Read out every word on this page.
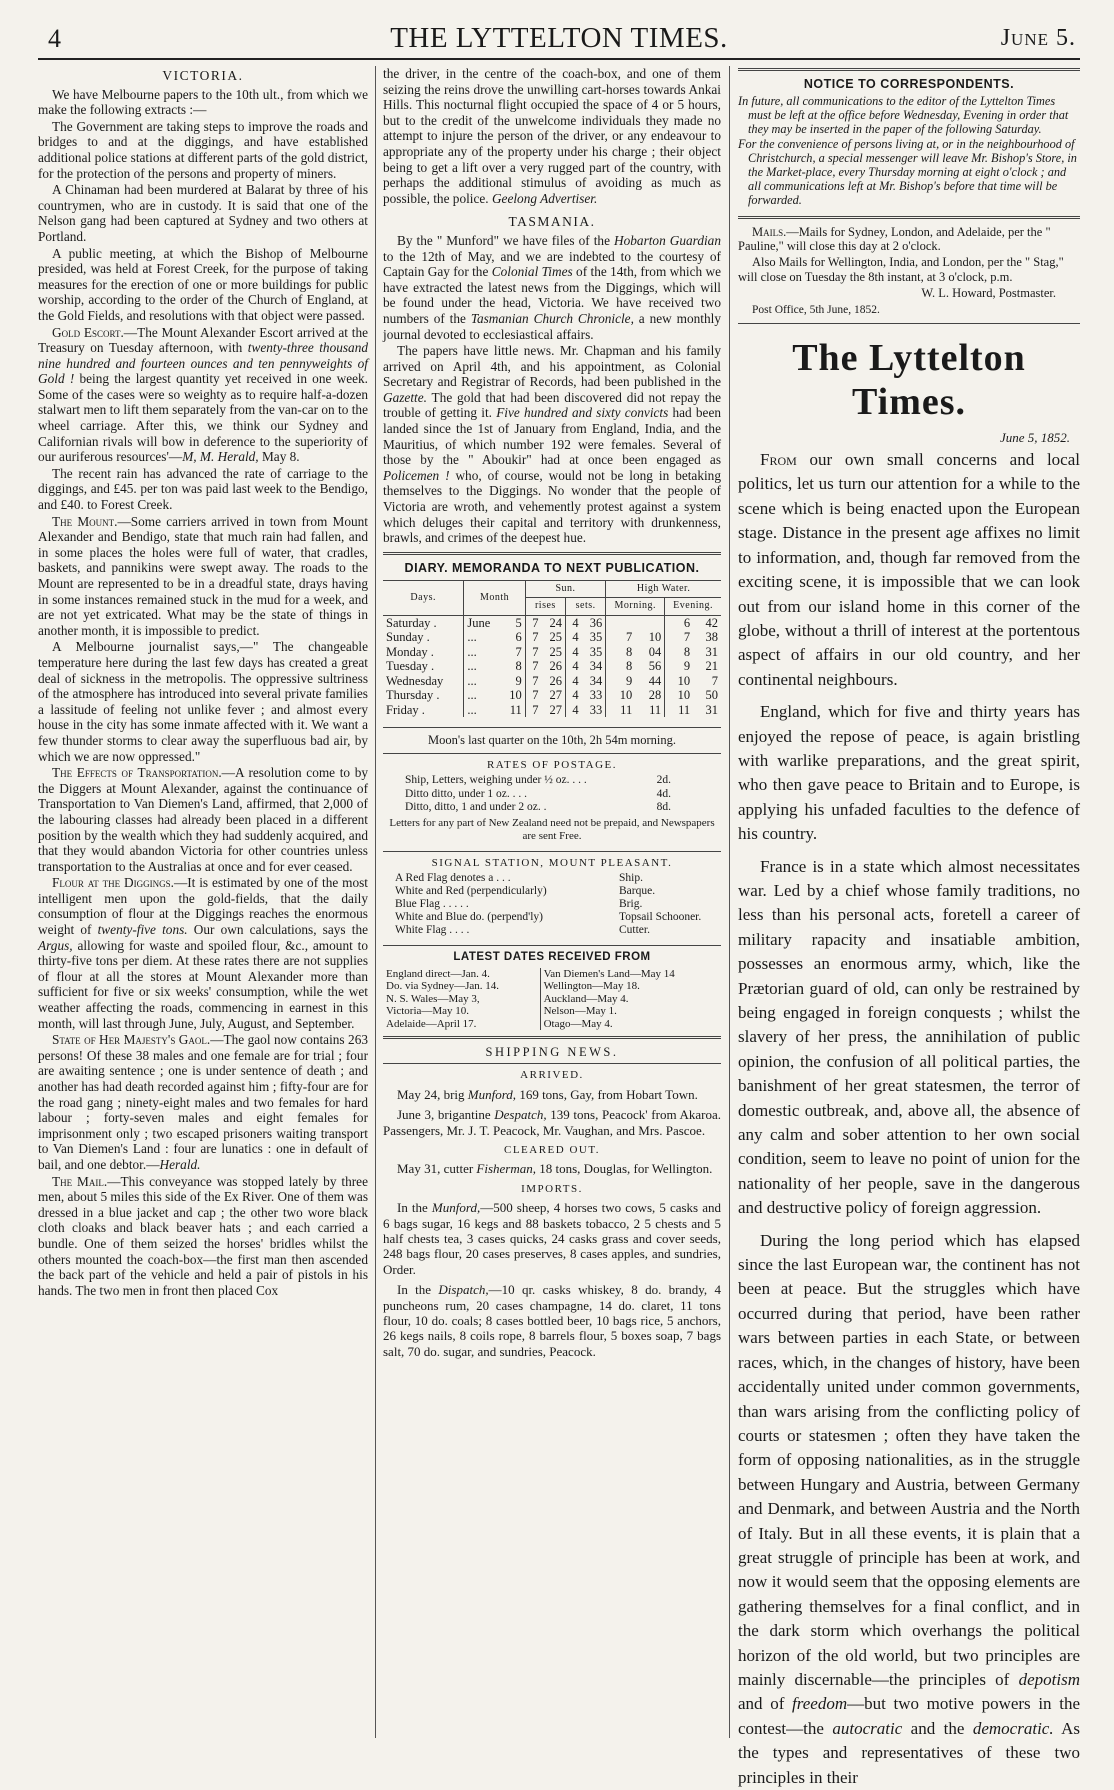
4	THE LYTTELTON TIMES.	June 5.
VICTORIA.

We have Melbourne papers to the 10th ult., from which we make the following extracts :—

The Government are taking steps to improve the roads and bridges to and at the diggings, and have established additional police stations at different parts of the gold district, for the protection of the persons and property of miners.

A Chinaman had been murdered at Balarat by three of his countrymen, who are in custody. It is said that one of the Nelson gang had been captured at Sydney and two others at Portland.

A public meeting, at which the Bishop of Melbourne presided, was held at Forest Creek, for the purpose of taking measures for the erection of one or more buildings for public worship, according to the order of the Church of England, at the Gold Fields, and resolutions with that object were passed.

Gold Escort.—The Mount Alexander Escort arrived at the Treasury on Tuesday afternoon, with twenty-three thousand nine hundred and fourteen ounces and ten pennyweights of Gold ! being the largest quantity yet received in one week. Some of the cases were so weighty as to require half-a-dozen stalwart men to lift them separately from the van-car on to the wheel carriage. After this, we think our Sydney and Californian rivals will bow in deference to the superiority of our auriferous resources'—M, M. Herald, May 8.

The recent rain has advanced the rate of carriage to the diggings, and £45. per ton was paid last week to the Bendigo, and £40. to Forest Creek.

The Mount.—Some carriers arrived in town from Mount Alexander and Bendigo, state that much rain had fallen, and in some places the holes were full of water, that cradles, baskets, and pannikins were swept away. The roads to the Mount are represented to be in a dreadful state, drays having in some instances remained stuck in the mud for a week, and are not yet extricated. What may be the state of things in another month, it is impossible to predict.

A Melbourne journalist says,—" The changeable temperature here during the last few days has created a great deal of sickness in the metropolis. The oppressive sultriness of the atmosphere has introduced into several private families a lassitude of feeling not unlike fever ; and almost every house in the city has some inmate affected with it. We want a few thunder storms to clear away the superfluous bad air, by which we are now oppressed."

The Effects of Transportation.—A resolution come to by the Diggers at Mount Alexander, against the continuance of Transportation to Van Diemen's Land, affirmed, that 2,000 of the labouring classes had already been placed in a different position by the wealth which they had suddenly acquired, and that they would abandon Victoria for other countries unless transportation to the Australias at once and for ever ceased.

Flour at the Diggings.—It is estimated by one of the most intelligent men upon the gold-fields, that the daily consumption of flour at the Diggings reaches the enormous weight of twenty-five tons. Our own calculations, says the Argus, allowing for waste and spoiled flour, &c., amount to thirty-five tons per diem. At these rates there are not supplies of flour at all the stores at Mount Alexander more than sufficient for five or six weeks' consumption, while the wet weather affecting the roads, commencing in earnest in this month, will last through June, July, August, and September.

State of Her Majesty's Gaol.—The gaol now contains 263 persons! Of these 38 males and one female are for trial ; four are awaiting sentence ; one is under sentence of death ; and another has had death recorded against him ; fifty-four are for the road gang ; ninety-eight males and two females for hard labour ; forty-seven males and eight females for imprisonment only ; two escaped prisoners waiting transport to Van Diemen's Land : four are lunatics : one in default of bail, and one debtor.—Herald.

The Mail.—This conveyance was stopped lately by three men, about 5 miles this side of the Ex River. One of them was dressed in a blue jacket and cap ; the other two wore black cloth cloaks and black beaver hats ; and each carried a bundle. One of them seized the horses' bridles whilst the others mounted the coach-box—the first man then ascended the back part of the vehicle and held a pair of pistols in his hands. The two men in front then placed Cox

the driver, in the centre of the coach-box, and one of them seizing the reins drove the unwilling cart-horses towards Ankai Hills. This nocturnal flight occupied the space of 4 or 5 hours, but to the credit of the unwelcome individuals they made no attempt to injure the person of the driver, or any endeavour to appropriate any of the property under his charge ; their object being to get a lift over a very rugged part of the country, with perhaps the additional stimulus of avoiding as much as possible, the police. Geelong Advertiser.

TASMANIA.

By the " Munford" we have files of the Hobarton Guardian to the 12th of May, and we are indebted to the courtesy of Captain Gay for the Colonial Times of the 14th, from which we have extracted the latest news from the Diggings, which will be found under the head, Victoria. We have received two numbers of the Tasmanian Church Chronicle, a new monthly journal devoted to ecclesiastical affairs.

The papers have little news. Mr. Chapman and his family arrived on April 4th, and his appointment, as Colonial Secretary and Registrar of Records, had been published in the Gazette. The gold that had been discovered did not repay the trouble of getting it. Five hundred and sixty convicts had been landed since the 1st of January from England, India, and the Mauritius, of which number 192 were females. Several of those by the " Aboukir" had at once been engaged as Policemen ! who, of course, would not be long in betaking themselves to the Diggings. No wonder that the people of Victoria are wroth, and vehemently protest against a system which deluges their capital and territory with drunkenness, brawls, and crimes of the deepest hue.

DIARY. MEMORANDA TO NEXT PUBLICATION.
Days.	Month		Sun.				High Water.			
			rises		sets.		Morning.		Evening.	
Saturday .	June	5	7	24	4	36			6	42
Sunday .	...	6	7	25	4	35	7	10	7	38
Monday .	...	7	7	25	4	35	8	04	8	31
Tuesday .	...	8	7	26	4	34	8	56	9	21
Wednesday	...	9	7	26	4	34	9	44	10	7
Thursday .	...	10	7	27	4	33	10	28	10	50
Friday .	...	11	7	27	4	33	11	11	11	31
Moon's last quarter on the 10th, 2h 54m morning.
RATES OF POSTAGE.
Ship, Letters, weighing under ½ oz. . . .	2d.
Ditto ditto, under 1 oz. . . .	4d.
Ditto, ditto, 1 and under 2 oz. .	8d.
Letters for any part of New Zealand need not be prepaid, and Newspapers are sent Free.
SIGNAL STATION, MOUNT PLEASANT.
A Red Flag denotes a . . .	Ship.
White and Red (perpendicularly)	Barque.
Blue Flag . . . . .	Brig.
White and Blue do. (perpend'ly)	Topsail Schooner.
White Flag . . . .	Cutter.
LATEST DATES RECEIVED FROM
England direct—Jan. 4.	Van Diemen's Land—May 14
Do. via Sydney—Jan. 14.	Wellington—May 18.
N. S. Wales—May 3,	Auckland—May 4.
Victoria—May 10.	Nelson—May 1.
Adelaide—April 17.	Otago—May 4.
SHIPPING NEWS.
ARRIVED.

May 24, brig Munford, 169 tons, Gay, from Hobart Town.

June 3, brigantine Despatch, 139 tons, Peacock' from Akaroa. Passengers, Mr. J. T. Peacock, Mr. Vaughan, and Mrs. Pascoe.

CLEARED OUT.

May 31, cutter Fisherman, 18 tons, Douglas, for Wellington.

IMPORTS.

In the Munford,—500 sheep, 4 horses two cows, 5 casks and 6 bags sugar, 16 kegs and 88 baskets tobacco, 2 5 chests and 5 half chests tea, 3 cases quicks, 24 casks grass and cover seeds, 248 bags flour, 20 cases preserves, 8 cases apples, and sundries, Order.

In the Dispatch,—10 qr. casks whiskey, 8 do. brandy, 4 puncheons rum, 20 cases champagne, 14 do. claret, 11 tons flour, 10 do. coals; 8 cases bottled beer, 10 bags rice, 5 anchors, 26 kegs nails, 8 coils rope, 8 barrels flour, 5 boxes soap, 7 bags salt, 70 do. sugar, and sundries, Peacock.

NOTICE TO CORRESPONDENTS.

In future, all communications to the editor of the Lyttelton Times must be left at the office before Wednesday, Evening in order that they may be inserted in the paper of the following Saturday.

For the convenience of persons living at, or in the neighbourhood of Christchurch, a special messenger will leave Mr. Bishop's Store, in the Market-place, every Thursday morning at eight o'clock ; and all communications left at Mr. Bishop's before that time will be forwarded.

Mails.—Mails for Sydney, London, and Adelaide, per the " Pauline," will close this day at 2 o'clock.

Also Mails for Wellington, India, and London, per the " Stag," will close on Tuesday the 8th instant, at 3 o'clock, p.m.

W. L. Howard, Postmaster.

Post Office, 5th June, 1852.

The Lyttelton Times.
June 5, 1852.

From our own small concerns and local politics, let us turn our attention for a while to the scene which is being enacted upon the European stage. Distance in the present age affixes no limit to information, and, though far removed from the exciting scene, it is impossible that we can look out from our island home in this corner of the globe, without a thrill of interest at the portentous aspect of affairs in our old country, and her continental neighbours.

England, which for five and thirty years has enjoyed the repose of peace, is again bristling with warlike preparations, and the great spirit, who then gave peace to Britain and to Europe, is applying his unfaded faculties to the defence of his country.

France is in a state which almost necessitates war. Led by a chief whose family traditions, no less than his personal acts, foretell a career of military rapacity and insatiable ambition, possesses an enormous army, which, like the Prætorian guard of old, can only be restrained by being engaged in foreign conquests ; whilst the slavery of her press, the annihilation of public opinion, the confusion of all political parties, the banishment of her great statesmen, the terror of domestic outbreak, and, above all, the absence of any calm and sober attention to her own social condition, seem to leave no point of union for the nationality of her people, save in the dangerous and destructive policy of foreign aggression.

During the long period which has elapsed since the last European war, the continent has not been at peace. But the struggles which have occurred during that period, have been rather wars between parties in each State, or between races, which, in the changes of history, have been accidentally united under common governments, than wars arising from the conflicting policy of courts or statesmen ; often they have taken the form of opposing nationalities, as in the struggle between Hungary and Austria, between Germany and Denmark, and between Austria and the North of Italy. But in all these events, it is plain that a great struggle of principle has been at work, and now it would seem that the opposing elements are gathering themselves for a final conflict, and in the dark storm which overhangs the political horizon of the old world, but two principles are mainly discernable—the principles of depotism and of freedom—but two motive powers in the contest—the autocratic and the democratic. As the types and representatives of these two principles in their
